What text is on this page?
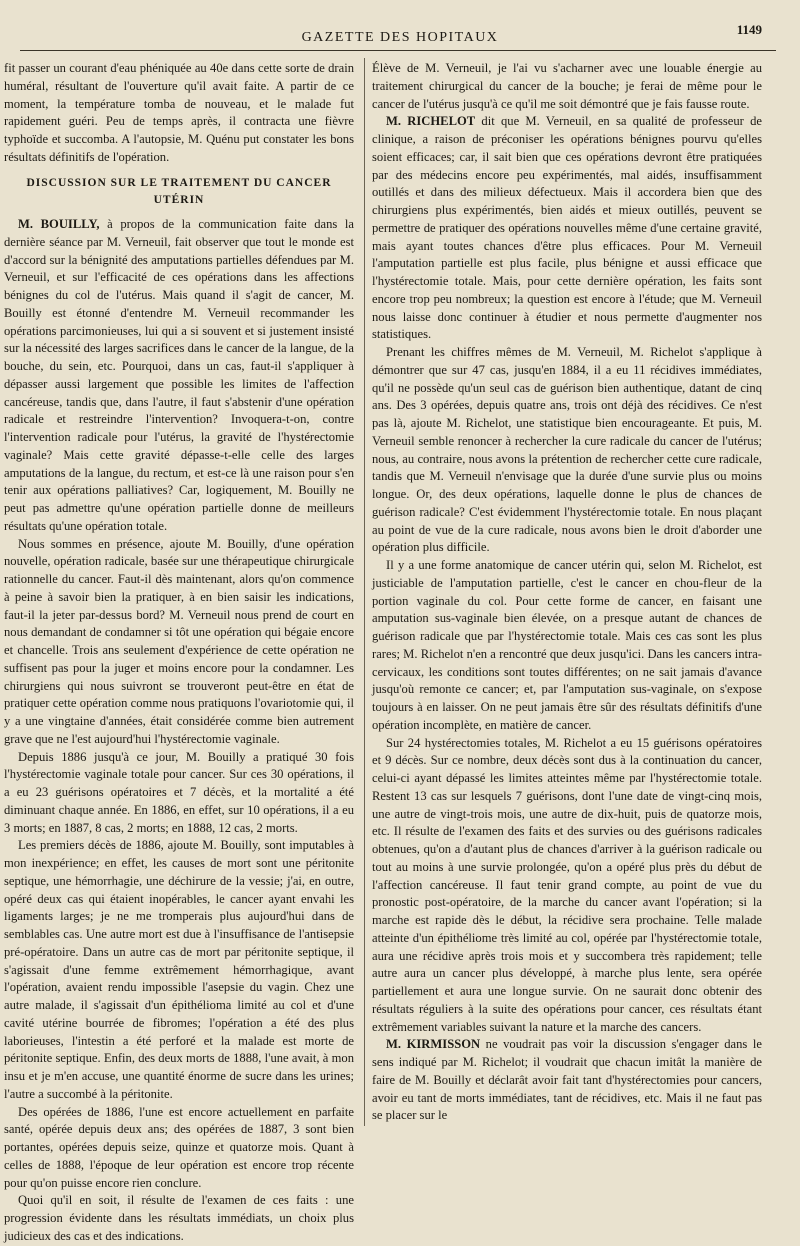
GAZETTE DES HOPITAUX
1149

fit passer un courant d'eau phéniquée au 40e dans cette sorte de drain huméral, résultant de l'ouverture qu'il avait faite. A partir de ce moment, la température tomba de nouveau, et le malade fut rapidement guéri. Peu de temps après, il contracta une fièvre typhoïde et succomba. A l'autopsie, M. Quénu put constater les bons résultats définitifs de l'opération.

DISCUSSION SUR LE TRAITEMENT DU CANCER UTÉRIN

M. BOUILLY, à propos de la communication faite dans la dernière séance par M. Verneuil, fait observer que tout le monde est d'accord sur la bénignité des amputations partielles défendues par M. Verneuil, et sur l'efficacité de ces opérations dans les affections bénignes du col de l'utérus. Mais quand il s'agit de cancer, M. Bouilly est étonné d'entendre M. Verneuil recommander les opérations parcimonieuses, lui qui a si souvent et si justement insisté sur la nécessité des larges sacrifices dans le cancer de la langue, de la bouche, du sein, etc. Pourquoi, dans un cas, faut-il s'appliquer à dépasser aussi largement que possible les limites de l'affection cancéreuse, tandis que, dans l'autre, il faut s'abstenir d'une opération radicale et restreindre l'intervention? Invoquera-t-on, contre l'intervention radicale pour l'utérus, la gravité de l'hystérectomie vaginale? Mais cette gravité dépasse-t-elle celle des larges amputations de la langue, du rectum, et est-ce là une raison pour s'en tenir aux opérations palliatives? Car, logiquement, M. Bouilly ne peut pas admettre qu'une opération partielle donne de meilleurs résultats qu'une opération totale.

Nous sommes en présence, ajoute M. Bouilly, d'une opération nouvelle, opération radicale, basée sur une thérapeutique chirurgicale rationnelle du cancer. Faut-il dès maintenant, alors qu'on commence à peine à savoir bien la pratiquer, à en bien saisir les indications, faut-il la jeter par-dessus bord? M. Verneuil nous prend de court en nous demandant de condamner si tôt une opération qui bégaie encore et chancelle. Trois ans seulement d'expérience de cette opération ne suffisent pas pour la juger et moins encore pour la condamner. Les chirurgiens qui nous suivront se trouveront peut-être en état de pratiquer cette opération comme nous pratiquons l'ovariotomie qui, il y a une vingtaine d'années, était considérée comme bien autrement grave que ne l'est aujourd'hui l'hystérectomie vaginale.

Depuis 1886 jusqu'à ce jour, M. Bouilly a pratiqué 30 fois l'hystérectomie vaginale totale pour cancer. Sur ces 30 opérations, il a eu 23 guérisons opératoires et 7 décès, et la mortalité a été diminuant chaque année. En 1886, en effet, sur 10 opérations, il a eu 3 morts; en 1887, 8 cas, 2 morts; en 1888, 12 cas, 2 morts.

Les premiers décès de 1886, ajoute M. Bouilly, sont imputables à mon inexpérience; en effet, les causes de mort sont une péritonite septique, une hémorrhagie, une déchirure de la vessie; j'ai, en outre, opéré deux cas qui étaient inopérables, le cancer ayant envahi les ligaments larges; je ne me tromperais plus aujourd'hui dans de semblables cas. Une autre mort est due à l'insuffisance de l'antisepsie pré-opératoire. Dans un autre cas de mort par péritonite septique, il s'agissait d'une femme extrêmement hémorrhagique, avant l'opération, avaient rendu impossible l'asepsie du vagin. Chez une autre malade, il s'agissait d'un épithélioma limité au col et d'une cavité utérine bourrée de fibromes; l'opération a été des plus laborieuses, l'intestin a été perforé et la malade est morte de péritonite septique. Enfin, des deux morts de 1888, l'une avait, à mon insu et je m'en accuse, une quantité énorme de sucre dans les urines; l'autre a succombé à la péritonite.

Des opérées de 1886, l'une est encore actuellement en parfaite santé, opérée depuis deux ans; des opérées de 1887, 3 sont bien portantes, opérées depuis seize, quinze et quatorze mois. Quant à celles de 1888, l'époque de leur opération est encore trop récente pour qu'on puisse encore rien conclure.

Quoi qu'il en soit, il résulte de l'examen de ces faits : une progression évidente dans les résultats immédiats, un choix plus judicieux des cas et des indications.

Élève de M. Verneuil, je l'ai vu s'acharner avec une louable énergie au traitement chirurgical du cancer de la bouche; je ferai de même pour le cancer de l'utérus jusqu'à ce qu'il me soit démontré que je fais fausse route.

M. RICHELOT dit que M. Verneuil, en sa qualité de professeur de clinique, a raison de préconiser les opérations bénignes pourvu qu'elles soient efficaces; car, il sait bien que ces opérations devront être pratiquées par des médecins encore peu expérimentés, mal aidés, insuffisamment outillés et dans des milieux défectueux. Mais il accordera bien que des chirurgiens plus expérimentés, bien aidés et mieux outillés, peuvent se permettre de pratiquer des opérations nouvelles même d'une certaine gravité, mais ayant toutes chances d'être plus efficaces. Pour M. Verneuil l'amputation partielle est plus facile, plus bénigne et aussi efficace que l'hystérectomie totale. Mais, pour cette dernière opération, les faits sont encore trop peu nombreux; la question est encore à l'étude; que M. Verneuil nous laisse donc continuer à étudier et nous permette d'augmenter nos statistiques.

Prenant les chiffres mêmes de M. Verneuil, M. Richelot s'applique à démontrer que sur 47 cas, jusqu'en 1884, il a eu 11 récidives immédiates, qu'il ne possède qu'un seul cas de guérison bien authentique, datant de cinq ans. Des 3 opérées, depuis quatre ans, trois ont déjà des récidives. Ce n'est pas là, ajoute M. Richelot, une statistique bien encourageante. Et puis, M. Verneuil semble renoncer à rechercher la cure radicale du cancer de l'utérus; nous, au contraire, nous avons la prétention de rechercher cette cure radicale, tandis que M. Verneuil n'envisage que la durée d'une survie plus ou moins longue. Or, des deux opérations, laquelle donne le plus de chances de guérison radicale? C'est évidemment l'hystérectomie totale. En nous plaçant au point de vue de la cure radicale, nous avons bien le droit d'aborder une opération plus difficile.

Il y a une forme anatomique de cancer utérin qui, selon M. Richelot, est justiciable de l'amputation partielle, c'est le cancer en chou-fleur de la portion vaginale du col. Pour cette forme de cancer, en faisant une amputation sus-vaginale bien élevée, on a presque autant de chances de guérison radicale que par l'hystérectomie totale. Mais ces cas sont les plus rares; M. Richelot n'en a rencontré que deux jusqu'ici. Dans les cancers intra-cervicaux, les conditions sont toutes différentes; on ne sait jamais d'avance jusqu'où remonte ce cancer; et, par l'amputation sus-vaginale, on s'expose toujours à en laisser. On ne peut jamais être sûr des résultats définitifs d'une opération incomplète, en matière de cancer.

Sur 24 hystérectomies totales, M. Richelot a eu 15 guérisons opératoires et 9 décès. Sur ce nombre, deux décès sont dus à la continuation du cancer, celui-ci ayant dépassé les limites atteintes même par l'hystérectomie totale. Restent 13 cas sur lesquels 7 guérisons, dont l'une date de vingt-cinq mois, une autre de vingt-trois mois, une autre de dix-huit, puis de quatorze mois, etc. Il résulte de l'examen des faits et des survies ou des guérisons radicales obtenues, qu'on a d'autant plus de chances d'arriver à la guérison radicale ou tout au moins à une survie prolongée, qu'on a opéré plus près du début de l'affection cancéreuse. Il faut tenir grand compte, au point de vue du pronostic post-opératoire, de la marche du cancer avant l'opération; si la marche est rapide dès le début, la récidive sera prochaine. Telle malade atteinte d'un épithéliome très limité au col, opérée par l'hystérectomie totale, aura une récidive après trois mois et y succombera très rapidement; telle autre aura un cancer plus développé, à marche plus lente, sera opérée partiellement et aura une longue survie. On ne saurait donc obtenir des résultats réguliers à la suite des opérations pour cancer, ces résultats étant extrêmement variables suivant la nature et la marche des cancers.

M. KIRMISSON ne voudrait pas voir la discussion s'engager dans le sens indiqué par M. Richelot; il voudrait que chacun imitât la manière de faire de M. Bouilly et déclarât avoir fait tant d'hystérectomies pour cancers, avoir eu tant de morts immédiates, tant de récidives, etc. Mais il ne faut pas se placer sur le
